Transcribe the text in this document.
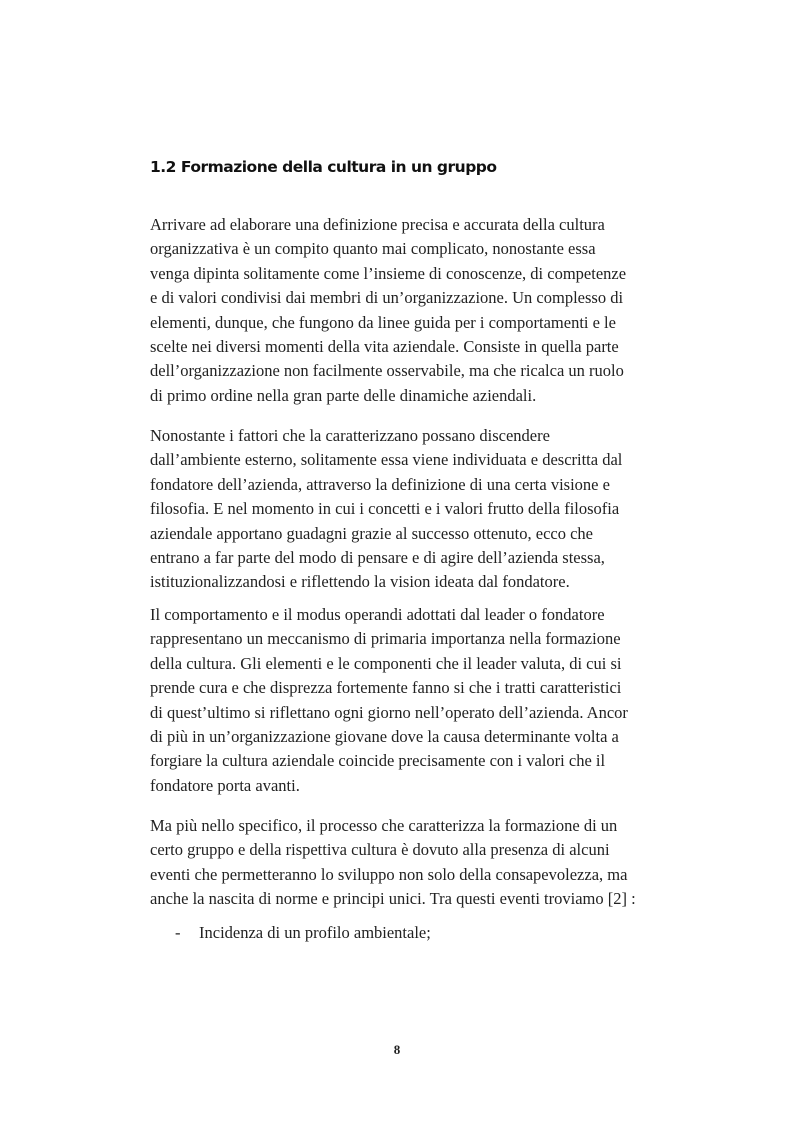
1.2 Formazione della cultura in un gruppo

Arrivare ad elaborare una definizione precisa e accurata della cultura
organizzativa è un compito quanto mai complicato, nonostante essa
venga dipinta solitamente come l’insieme di conoscenze, di competenze
e di valori condivisi dai membri di un’organizzazione. Un complesso di
elementi, dunque, che fungono da linee guida per i comportamenti e le
scelte nei diversi momenti della vita aziendale. Consiste in quella parte
dell’organizzazione non facilmente osservabile, ma che ricalca un ruolo
di primo ordine nella gran parte delle dinamiche aziendali.

Nonostante i fattori che la caratterizzano possano discendere
dall’ambiente esterno, solitamente essa viene individuata e descritta dal
fondatore dell’azienda, attraverso la definizione di una certa visione e
filosofia. E nel momento in cui i concetti e i valori frutto della filosofia
aziendale apportano guadagni grazie al successo ottenuto, ecco che
entrano a far parte del modo di pensare e di agire dell’azienda stessa,
istituzionalizzandosi e riflettendo la vision ideata dal fondatore.

Il comportamento e il modus operandi adottati dal leader o fondatore
rappresentano un meccanismo di primaria importanza nella formazione
della cultura. Gli elementi e le componenti che il leader valuta, di cui si
prende cura e che disprezza fortemente fanno si che i tratti caratteristici
di quest’ultimo si riflettano ogni giorno nell’operato dell’azienda. Ancor
di più in un’organizzazione giovane dove la causa determinante volta a
forgiare la cultura aziendale coincide precisamente con i valori che il
fondatore porta avanti.

Ma più nello specifico, il processo che caratterizza la formazione di un
certo gruppo e della rispettiva cultura è dovuto alla presenza di alcuni
eventi che permetteranno lo sviluppo non solo della consapevolezza, ma
anche la nascita di norme e principi unici. Tra questi eventi troviamo [2] :

- Incidenza di un profilo ambientale;
8
